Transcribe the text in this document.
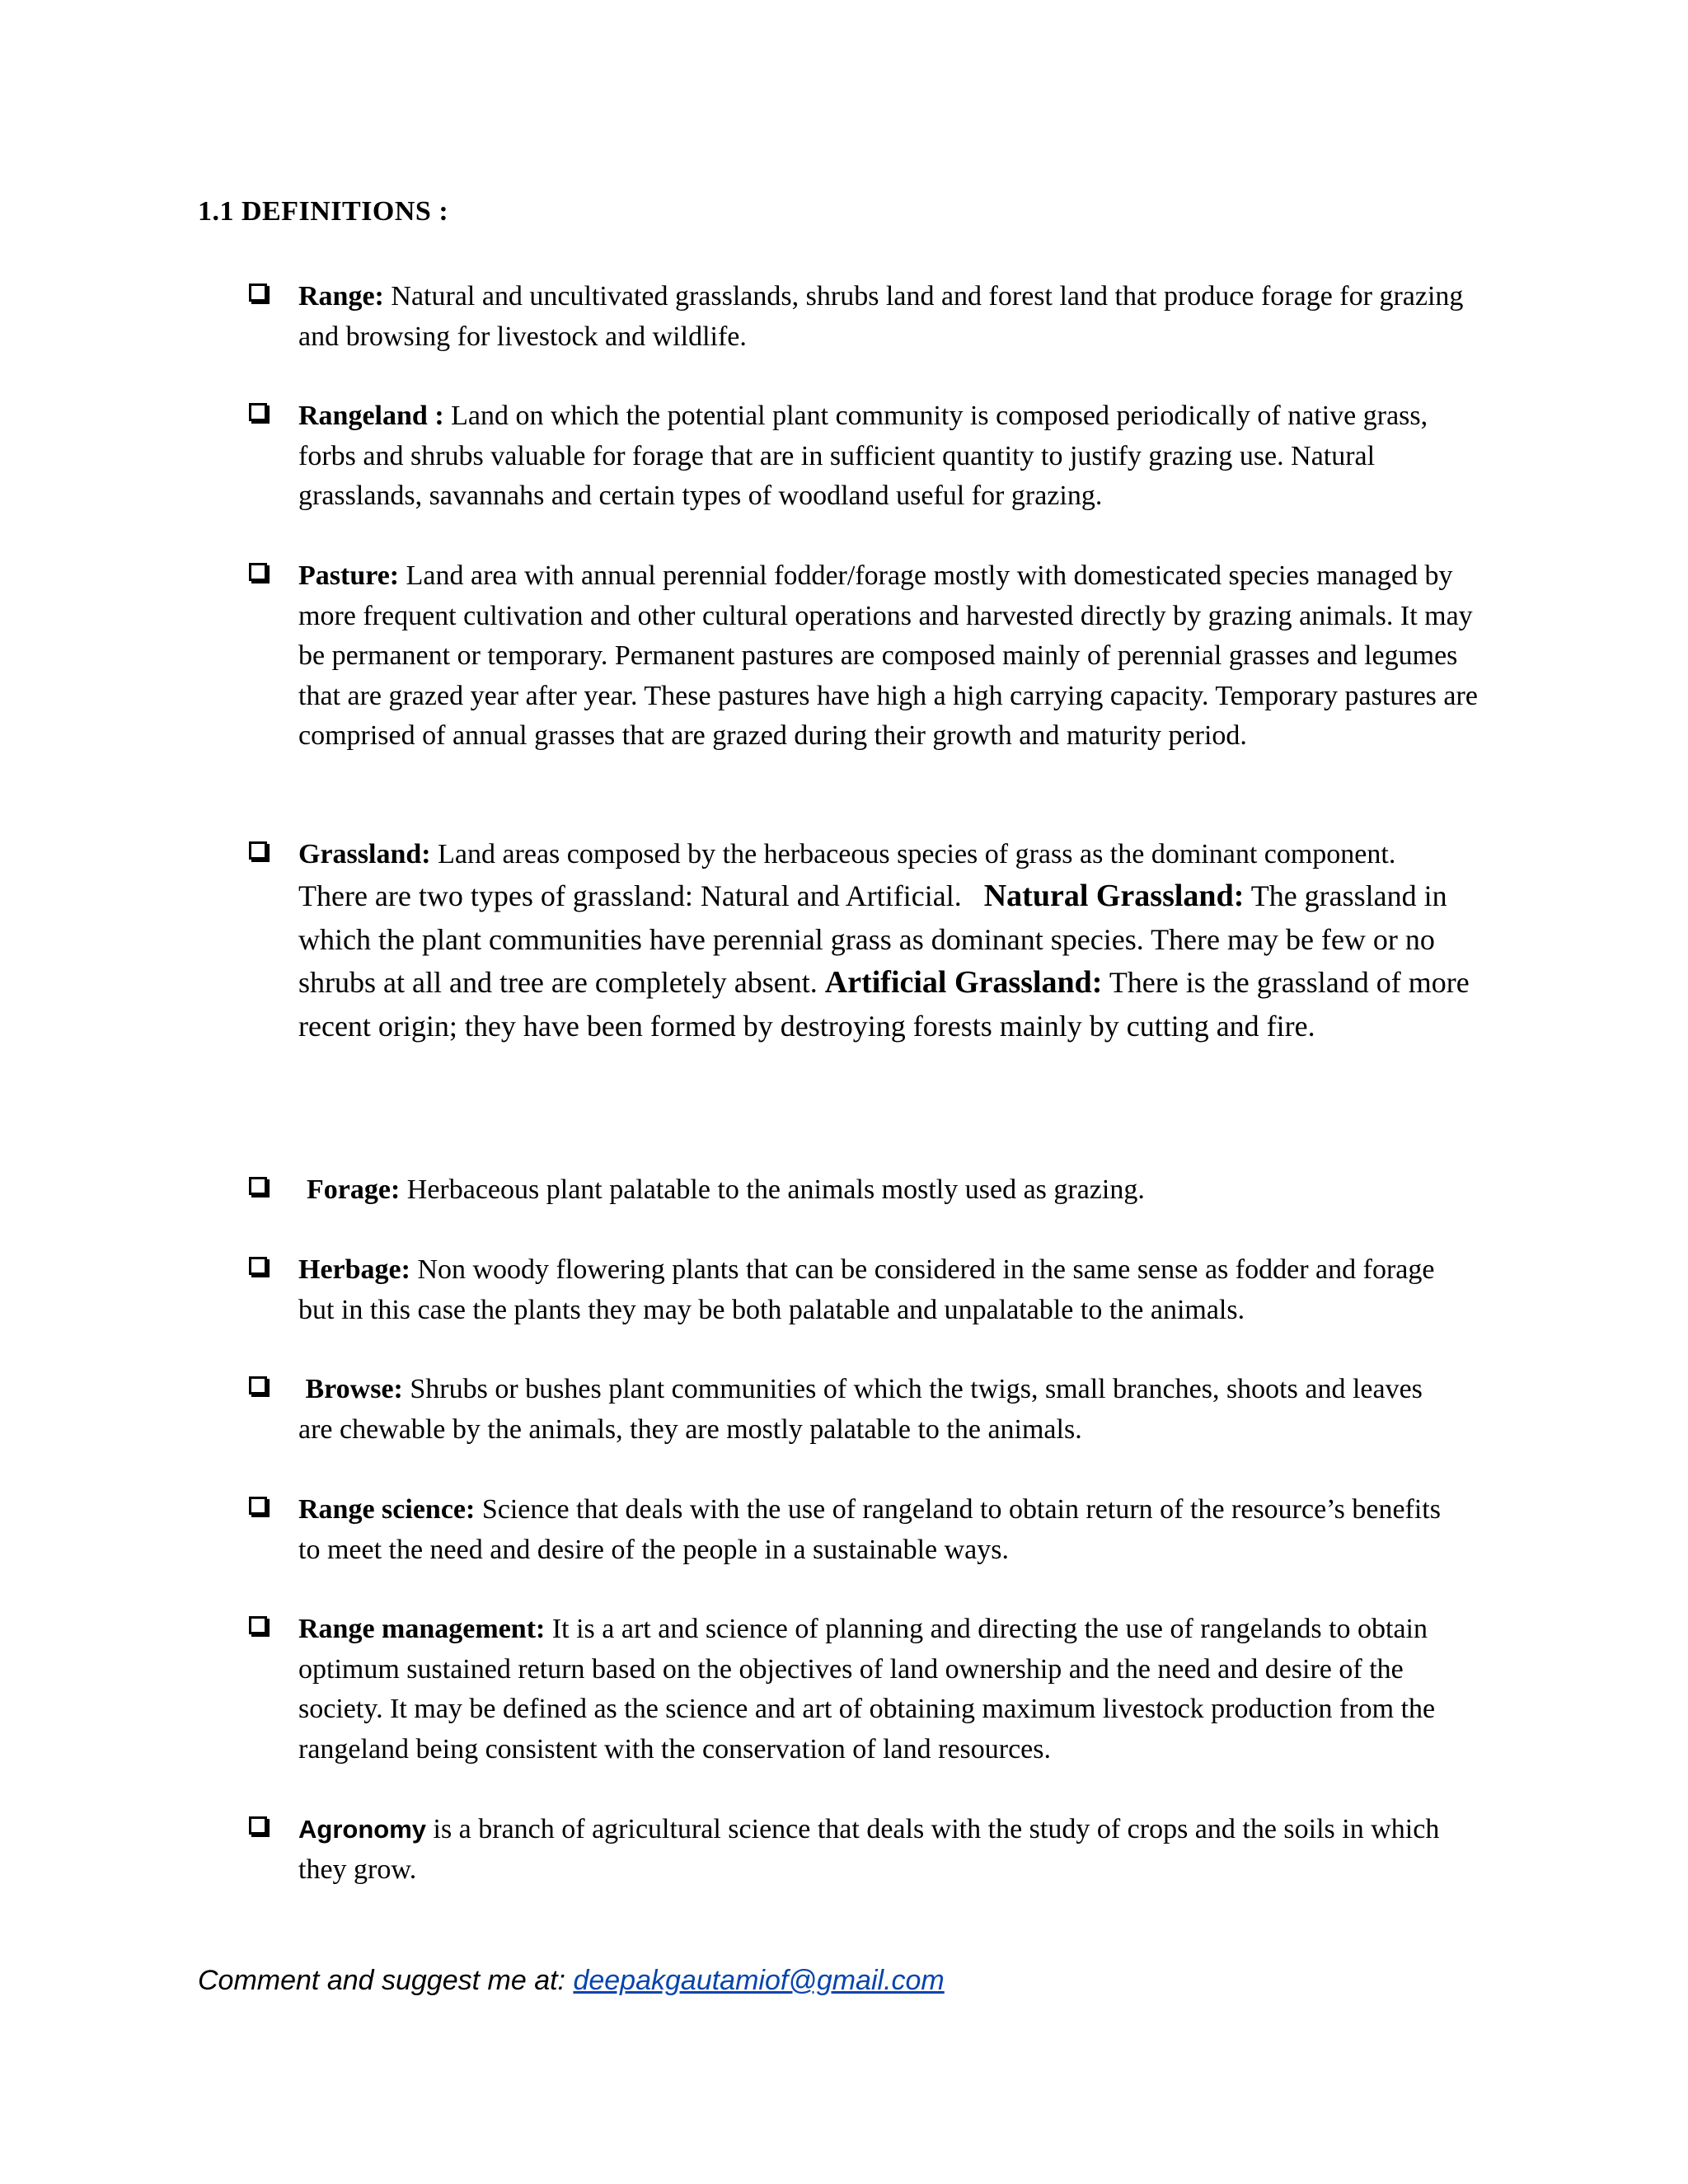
1.1 DEFINITIONS :
Range: Natural and uncultivated grasslands, shrubs land and forest land that produce forage for grazing and browsing for livestock and wildlife.
Rangeland : Land on which the potential plant community is composed periodically of native grass, forbs and shrubs valuable for forage that are in sufficient quantity to justify grazing use. Natural grasslands, savannahs and certain types of woodland useful for grazing.
Pasture: Land area with annual perennial fodder/forage mostly with domesticated species managed by more frequent cultivation and other cultural operations and harvested directly by grazing animals. It may be permanent or temporary. Permanent pastures are composed mainly of perennial grasses and legumes that are grazed year after year. These pastures have high a high carrying capacity. Temporary pastures are comprised of annual grasses that are grazed during their growth and maturity period.
Grassland: Land areas composed by the herbaceous species of grass as the dominant component.
There are two types of grassland: Natural and Artificial. Natural Grassland: The grassland in which the plant communities have perennial grass as dominant species. There may be few or no shrubs at all and tree are completely absent. Artificial Grassland: There is the grassland of more recent origin; they have been formed by destroying forests mainly by cutting and fire.
Forage: Herbaceous plant palatable to the animals mostly used as grazing.
Herbage: Non woody flowering plants that can be considered in the same sense as fodder and forage but in this case the plants they may be both palatable and unpalatable to the animals.
Browse: Shrubs or bushes plant communities of which the twigs, small branches, shoots and leaves are chewable by the animals, they are mostly palatable to the animals.
Range science: Science that deals with the use of rangeland to obtain return of the resource’s benefits to meet the need and desire of the people in a sustainable ways.
Range management: It is a art and science of planning and directing the use of rangelands to obtain optimum sustained return based on the objectives of land ownership and the need and desire of the society. It may be defined as the science and art of obtaining maximum livestock production from the rangeland being consistent with the conservation of land resources.
Agronomy is a branch of agricultural science that deals with the study of crops and the soils in which they grow.
Comment and suggest me at: deepakgautamiof@gmail.com
